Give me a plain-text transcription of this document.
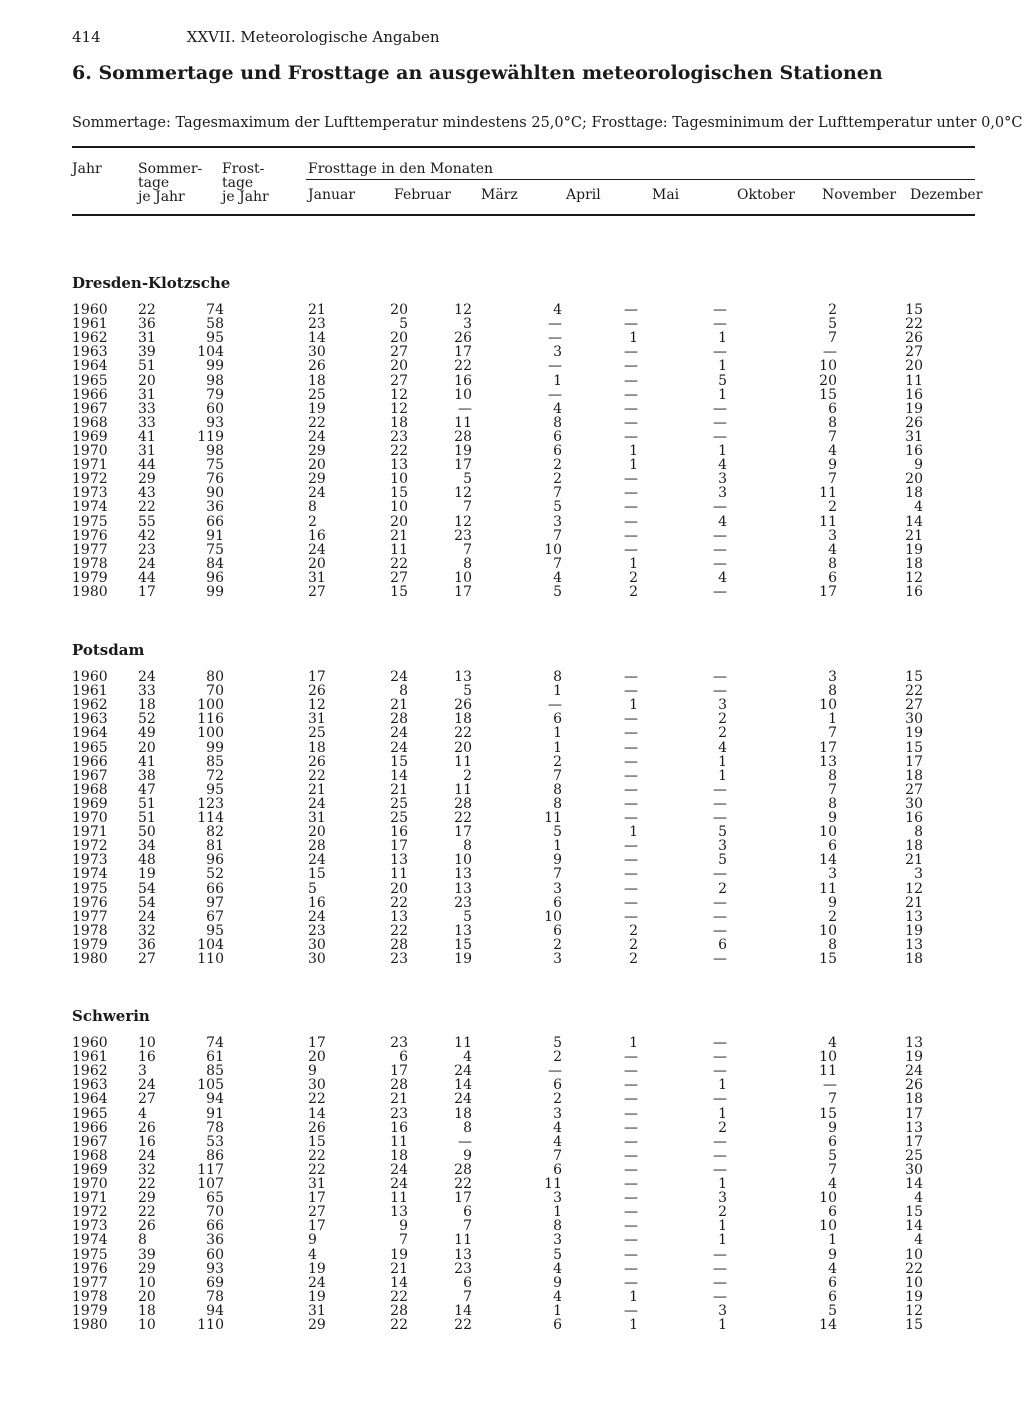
414	XXVII. Meteorologische Angaben
6. Sommertage und Frosttage an ausgewählten meteorologischen Stationen
Sommertage: Tagesmaximum der Lufttemperatur mindestens 25,0°C; Frosttage: Tagesminimum der Lufttemperatur unter 0,0°C
Jahr	Sommer-
tage
je Jahr
Frost-
tage
je Jahr
Frosttage in den Monaten
Januar	Februar März	April	Mai	Oktober November Dezember
Dresden-Klotzsche
1960 22	74	21	20	12	4	—	—	2	15
1961 36	58	23	5	3	—	—	—	5	22
1962 31	95	14	20	26	—	1	1	7	26
1963 39	104	30	27	17	3	—	—	—	27
1964 51	99	26	20	22	—	—	1	10	20
1965 20	98	18	27	16	1	—	5	20	11
1966 31	79	25	12	10	—	—	1	15	16
1967 33	60	19	12	—	4	—	—	6	19
1968 33	93	22	18	11	8	—	—	8	26
1969 41	119	24	23	28	6	—	—	7	31
1970 31	98	29	22	19	6	1	1	4	16
1971 44	75	20	13	17	2	1	4	9	9
1972 29	76	29	10	5	2	—	3	7	20
1973 43	90	24	15	12	7	—	3	11	18
1974 22	36	8	10	7	5	—	—	2	4
1975 55	66	2	20	12	3	—	4	11	14
1976 42	91	16	21	23	7	—	—	3	21
1977 23	75	24	11	7	10	—	—	4	19
1978 24	84	20	22	8	7	1	—	8	18
1979 44	96	31	27	10	4	2	4	6	12
1980 17	99	27	15	17	5	2	—	17	16
Potsdam
1960 24	80	17	24	13	8	—	—	3	15
1961 33	70	26	8	5	1	—	—	8	22
1962 18	100	12	21	26	—	1	3	10	27
1963 52	116	31	28	18	6	—	2	1	30
1964 49	100	25	24	22	1	—	2	7	19
1965 20	99	18	24	20	1	—	4	17	15
1966 41	85	26	15	11	2	—	1	13	17
1967 38	72	22	14	2	7	—	1	8	18
1968 47	95	21	21	11	8	—	—	7	27
1969 51	123	24	25	28	8	—	—	8	30
1970 51	114	31	25	22	11	—	—	9	16
1971 50	82	20	16	17	5	1	5	10	8
1972 34	81	28	17	8	1	—	3	6	18
1973 48	96	24	13	10	9	—	5	14	21
1974 19	52	15	11	13	7	—	—	3	3
1975 54	66	5	20	13	3	—	2	11	12
1976 54	97	16	22	23	6	—	—	9	21
1977 24	67	24	13	5	10	—	—	2	13
1978 32	95	23	22	13	6	2	—	10	19
1979 36	104	30	28	15	2	2	6	8	13
1980 27	110	30	23	19	3	2	—	15	18
Schwerin
1960 10	74	17	23	11	5	1	—	4	13
1961 16	61	20	6	4	2	—	—	10	19
1962 3	85	9	17	24	—	—	—	11	24
1963 24	105	30	28	14	6	—	1	—	26
1964 27	94	22	21	24	2	—	—	7	18
1965 4	91	14	23	18	3	—	1	15	17
1966 26	78	26	16	8	4	—	2	9	13
1967 16	53	15	11	—	4	—	—	6	17
1968 24	86	22	18	9	7	—	—	5	25
1969 32	117	22	24	28	6	—	—	7	30
1970 22	107	31	24	22	11	—	1	4	14
1971 29	65	17	11	17	3	—	3	10	4
1972 22	70	27	13	6	1	—	2	6	15
1973 26	66	17	9	7	8	—	1	10	14
1974 8	36	9	7	11	3	—	1	1	4
1975 39	60	4	19	13	5	—	—	9	10
1976 29	93	19	21	23	4	—	—	4	22
1977 10	69	24	14	6	9	—	—	6	10
1978 20	78	19	22	7	4	1	—	6	19
1979 18	94	31	28	14	1	—	3	5	12
1980 10	110	29	22	22	6	1	1	14	15
